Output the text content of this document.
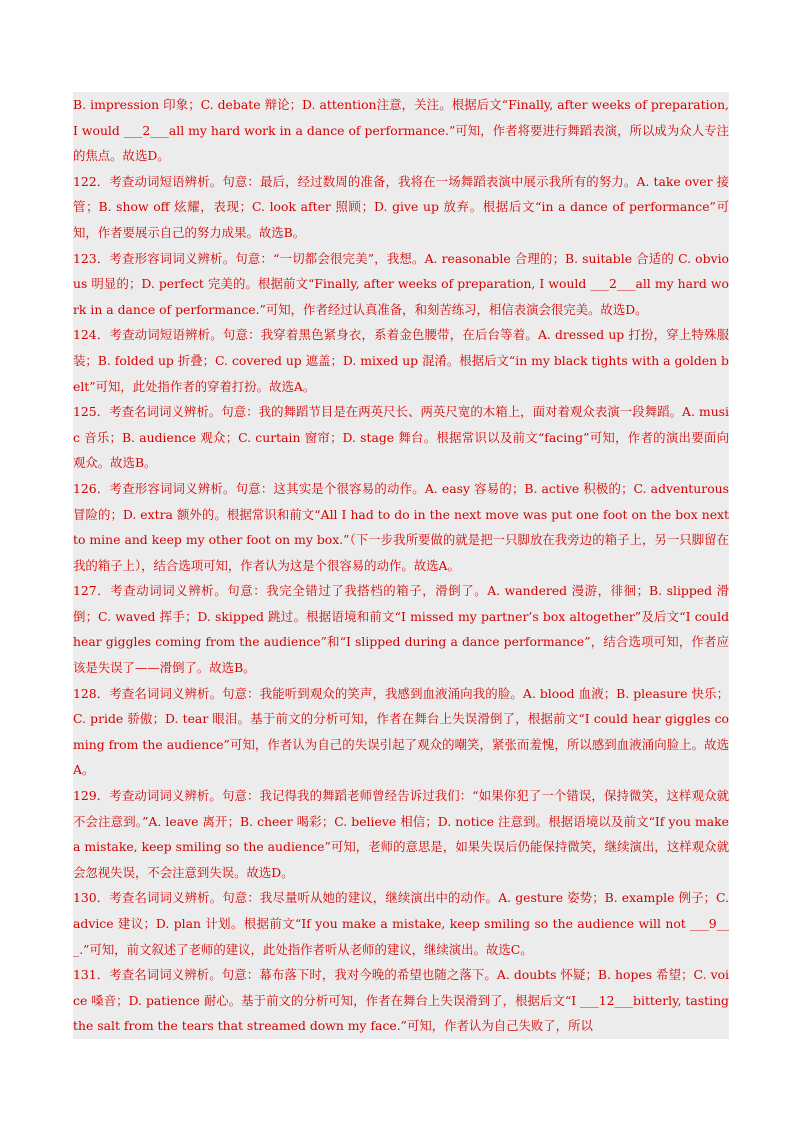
B. impression 印象；C. debate 辩论；D. attention注意，关注。根据后文“Finally, after weeks of preparation, I would ___2___all my hard work in a dance of performance.”可知，作者将要进行舞蹈表演，所以成为众人专注的焦点。故选D。

122．考查动词短语辨析。句意：最后，经过数周的准备，我将在一场舞蹈表演中展示我所有的努力。A. take over 接管；B. show off 炫耀，表现；C. look after 照顾；D. give up 放弃。根据后文“in a dance of performance”可知，作者要展示自己的努力成果。故选B。

123．考查形容词词义辨析。句意：“一切都会很完美”，我想。A. reasonable 合理的；B. suitable 合适的 C. obvious 明显的；D. perfect 完美的。根据前文“Finally, after weeks of preparation, I would ___2___all my hard work in a dance of performance.”可知，作者经过认真准备，和刻苦练习，相信表演会很完美。故选D。

124．考查动词短语辨析。句意：我穿着黑色紧身衣，系着金色腰带，在后台等着。A. dressed up 打扮，穿上特殊服装；B. folded up 折叠；C. covered up 遮盖；D. mixed up 混淆。根据后文“in my black tights with a golden belt”可知，此处指作者的穿着打扮。故选A。

125．考查名词词义辨析。句意：我的舞蹈节目是在两英尺长、两英尺宽的木箱上，面对着观众表演一段舞蹈。A. music 音乐；B. audience 观众；C. curtain 窗帘；D. stage 舞台。根据常识以及前文“facing”可知，作者的演出要面向观众。故选B。

126．考查形容词词义辨析。句意：这其实是个很容易的动作。A. easy 容易的；B. active 积极的；C. adventurous 冒险的；D. extra 额外的。根据常识和前文“All I had to do in the next move was put one foot on the box next to mine and keep my other foot on my box.”（下一步我所要做的就是把一只脚放在我旁边的箱子上，另一只脚留在我的箱子上），结合选项可知，作者认为这是个很容易的动作。故选A。

127．考查动词词义辨析。句意：我完全错过了我搭档的箱子，滑倒了。A. wandered 漫游，徘徊；B. slipped 滑倒；C. waved 挥手；D. skipped 跳过。根据语境和前文“I missed my partner’s box altogether”及后文“I could hear giggles coming from the audience”和“I slipped during a dance performance”，结合选项可知，作者应该是失误了——滑倒了。故选B。

128．考查名词词义辨析。句意：我能听到观众的笑声，我感到血液涌向我的脸。A. blood 血液；B. pleasure 快乐；C. pride 骄傲；D. tear 眼泪。基于前文的分析可知，作者在舞台上失误滑倒了，根据前文“I could hear giggles coming from the audience”可知，作者认为自己的失误引起了观众的嘲笑，紧张而羞愧，所以感到血液涌向脸上。故选A。

129．考查动词词义辨析。句意：我记得我的舞蹈老师曾经告诉过我们：“如果你犯了一个错误，保持微笑，这样观众就不会注意到。”A. leave 离开；B. cheer 喝彩；C. believe 相信；D. notice 注意到。根据语境以及前文“If you make a mistake, keep smiling so the audience”可知，老师的意思是，如果失误后仍能保持微笑，继续演出，这样观众就会忽视失误，不会注意到失误。故选D。

130．考查名词词义辨析。句意：我尽量听从她的建议，继续演出中的动作。A. gesture 姿势；B. example 例子；C. advice 建议；D. plan 计划。根据前文“If you make a mistake, keep smiling so the audience will not ___9___.”可知，前文叙述了老师的建议，此处指作者听从老师的建议，继续演出。故选C。

131．考查名词词义辨析。句意：幕布落下时，我对今晚的希望也随之落下。A. doubts 怀疑；B. hopes 希望；C. voice 嗓音；D. patience 耐心。基于前文的分析可知，作者在舞台上失误滑到了，根据后文“I ___12___bitterly, tasting the salt from the tears that streamed down my face.”可知，作者认为自己失败了，所以
